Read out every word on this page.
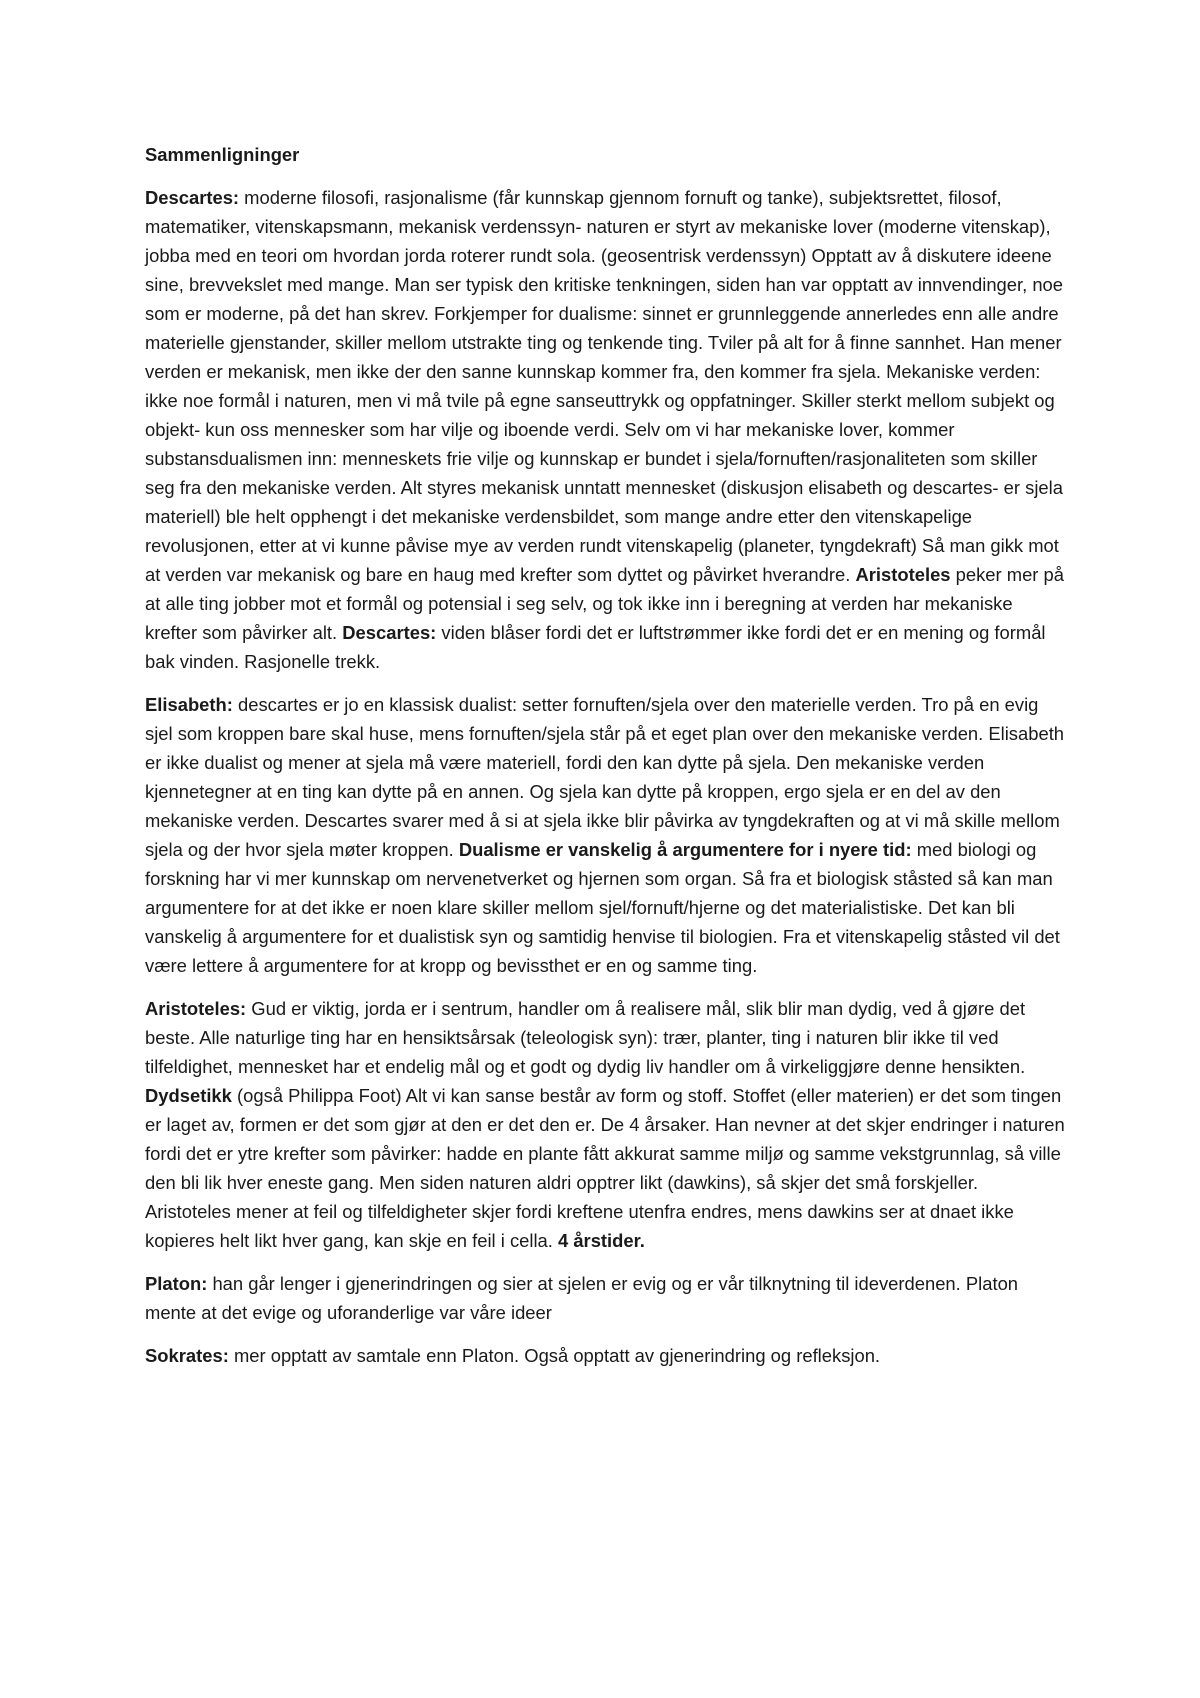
Sammenligninger

Descartes: moderne filosofi, rasjonalisme (får kunnskap gjennom fornuft og tanke), subjektsrettet, filosof, matematiker, vitenskapsmann, mekanisk verdenssyn- naturen er styrt av mekaniske lover (moderne vitenskap), jobba med en teori om hvordan jorda roterer rundt sola. (geosentrisk verdenssyn) Opptatt av å diskutere ideene sine, brevvekslet med mange. Man ser typisk den kritiske tenkningen, siden han var opptatt av innvendinger, noe som er moderne, på det han skrev. Forkjemper for dualisme: sinnet er grunnleggende annerledes enn alle andre materielle gjenstander, skiller mellom utstrakte ting og tenkende ting. Tviler på alt for å finne sannhet. Han mener verden er mekanisk, men ikke der den sanne kunnskap kommer fra, den kommer fra sjela. Mekaniske verden: ikke noe formål i naturen, men vi må tvile på egne sanseuttrykk og oppfatninger. Skiller sterkt mellom subjekt og objekt- kun oss mennesker som har vilje og iboende verdi. Selv om vi har mekaniske lover, kommer substansdualismen inn: menneskets frie vilje og kunnskap er bundet i sjela/fornuften/rasjonaliteten som skiller seg fra den mekaniske verden. Alt styres mekanisk unntatt mennesket (diskusjon elisabeth og descartes- er sjela materiell) ble helt opphengt i det mekaniske verdensbildet, som mange andre etter den vitenskapelige revolusjonen, etter at vi kunne påvise mye av verden rundt vitenskapelig (planeter, tyngdekraft) Så man gikk mot at verden var mekanisk og bare en haug med krefter som dyttet og påvirket hverandre. Aristoteles peker mer på at alle ting jobber mot et formål og potensial i seg selv, og tok ikke inn i beregning at verden har mekaniske krefter som påvirker alt. Descartes: viden blåser fordi det er luftstrømmer ikke fordi det er en mening og formål bak vinden. Rasjonelle trekk.

Elisabeth: descartes er jo en klassisk dualist: setter fornuften/sjela over den materielle verden. Tro på en evig sjel som kroppen bare skal huse, mens fornuften/sjela står på et eget plan over den mekaniske verden. Elisabeth er ikke dualist og mener at sjela må være materiell, fordi den kan dytte på sjela. Den mekaniske verden kjennetegner at en ting kan dytte på en annen. Og sjela kan dytte på kroppen, ergo sjela er en del av den mekaniske verden. Descartes svarer med å si at sjela ikke blir påvirka av tyngdekraften og at vi må skille mellom sjela og der hvor sjela møter kroppen. Dualisme er vanskelig å argumentere for i nyere tid: med biologi og forskning har vi mer kunnskap om nervenetverket og hjernen som organ. Så fra et biologisk ståsted så kan man argumentere for at det ikke er noen klare skiller mellom sjel/fornuft/hjerne og det materialistiske. Det kan bli vanskelig å argumentere for et dualistisk syn og samtidig henvise til biologien. Fra et vitenskapelig ståsted vil det være lettere å argumentere for at kropp og bevissthet er en og samme ting.

Aristoteles: Gud er viktig, jorda er i sentrum, handler om å realisere mål, slik blir man dydig, ved å gjøre det beste. Alle naturlige ting har en hensiktsårsak (teleologisk syn): trær, planter, ting i naturen blir ikke til ved tilfeldighet, mennesket har et endelig mål og et godt og dydig liv handler om å virkeliggjøre denne hensikten. Dydsetikk (også Philippa Foot) Alt vi kan sanse består av form og stoff. Stoffet (eller materien) er det som tingen er laget av, formen er det som gjør at den er det den er. De 4 årsaker. Han nevner at det skjer endringer i naturen fordi det er ytre krefter som påvirker: hadde en plante fått akkurat samme miljø og samme vekstgrunnlag, så ville den bli lik hver eneste gang. Men siden naturen aldri opptrer likt (dawkins), så skjer det små forskjeller. Aristoteles mener at feil og tilfeldigheter skjer fordi kreftene utenfra endres, mens dawkins ser at dnaet ikke kopieres helt likt hver gang, kan skje en feil i cella. 4 årstider.

Platon: han går lenger i gjenerindringen og sier at sjelen er evig og er vår tilknytning til ideverdenen. Platon mente at det evige og uforanderlige var våre ideer

Sokrates: mer opptatt av samtale enn Platon. Også opptatt av gjenerindring og refleksjon.
